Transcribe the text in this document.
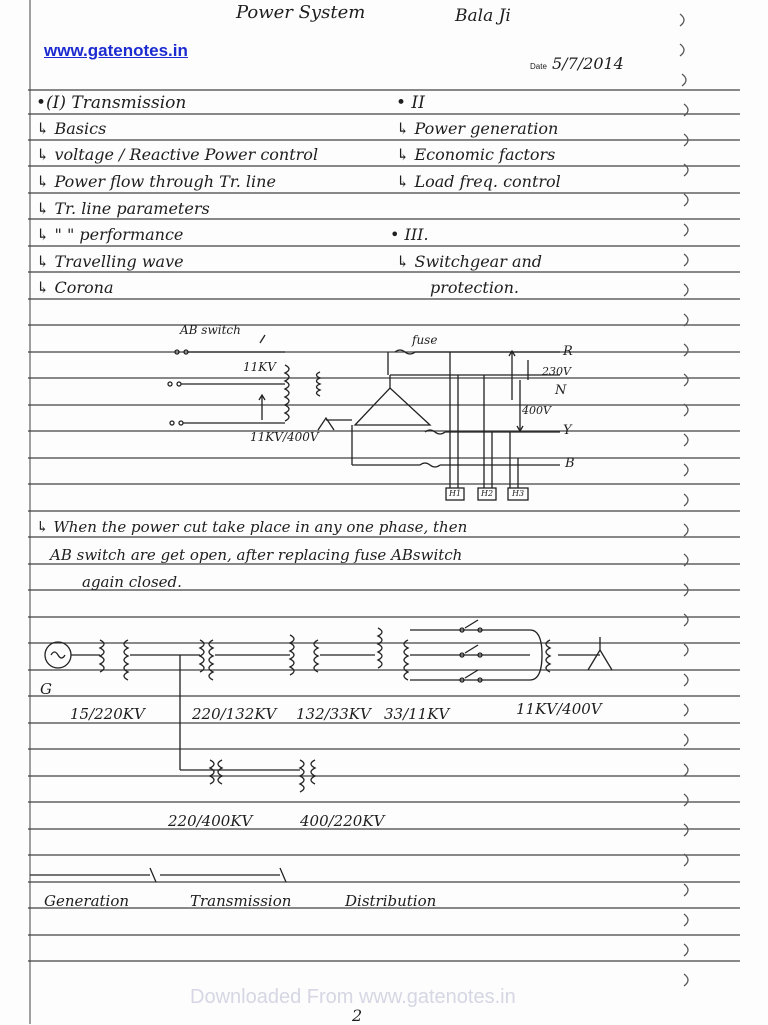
www.gatenotes.in
Power System	Bala Ji
Date 5/7/2014
•(I) Transmission
↳ Basics
↳ voltage / Reactive Power control
↳ Power flow through Tr. line
↳ Tr. line parameters
↳ " " performance
↳ Travelling wave
↳ Corona
• II
↳ Power generation
↳ Economic factors
↳ Load freq. control
• III.
↳ Switchgear and
protection.
AB switch
11KV
11KV/400V
fuse
R
230V
N
400V
Y
B
H1 H2 H3
↳ When the power cut take place in any one phase, then
AB switch are get open, after replacing fuse ABswitch
again closed.
G
15/220KV	220/132KV 132/33KV 33/11KV	11KV/400V
220/400KV	400/220KV
Generation	Transmission	Distribution
Downloaded From www.gatenotes.in
2
